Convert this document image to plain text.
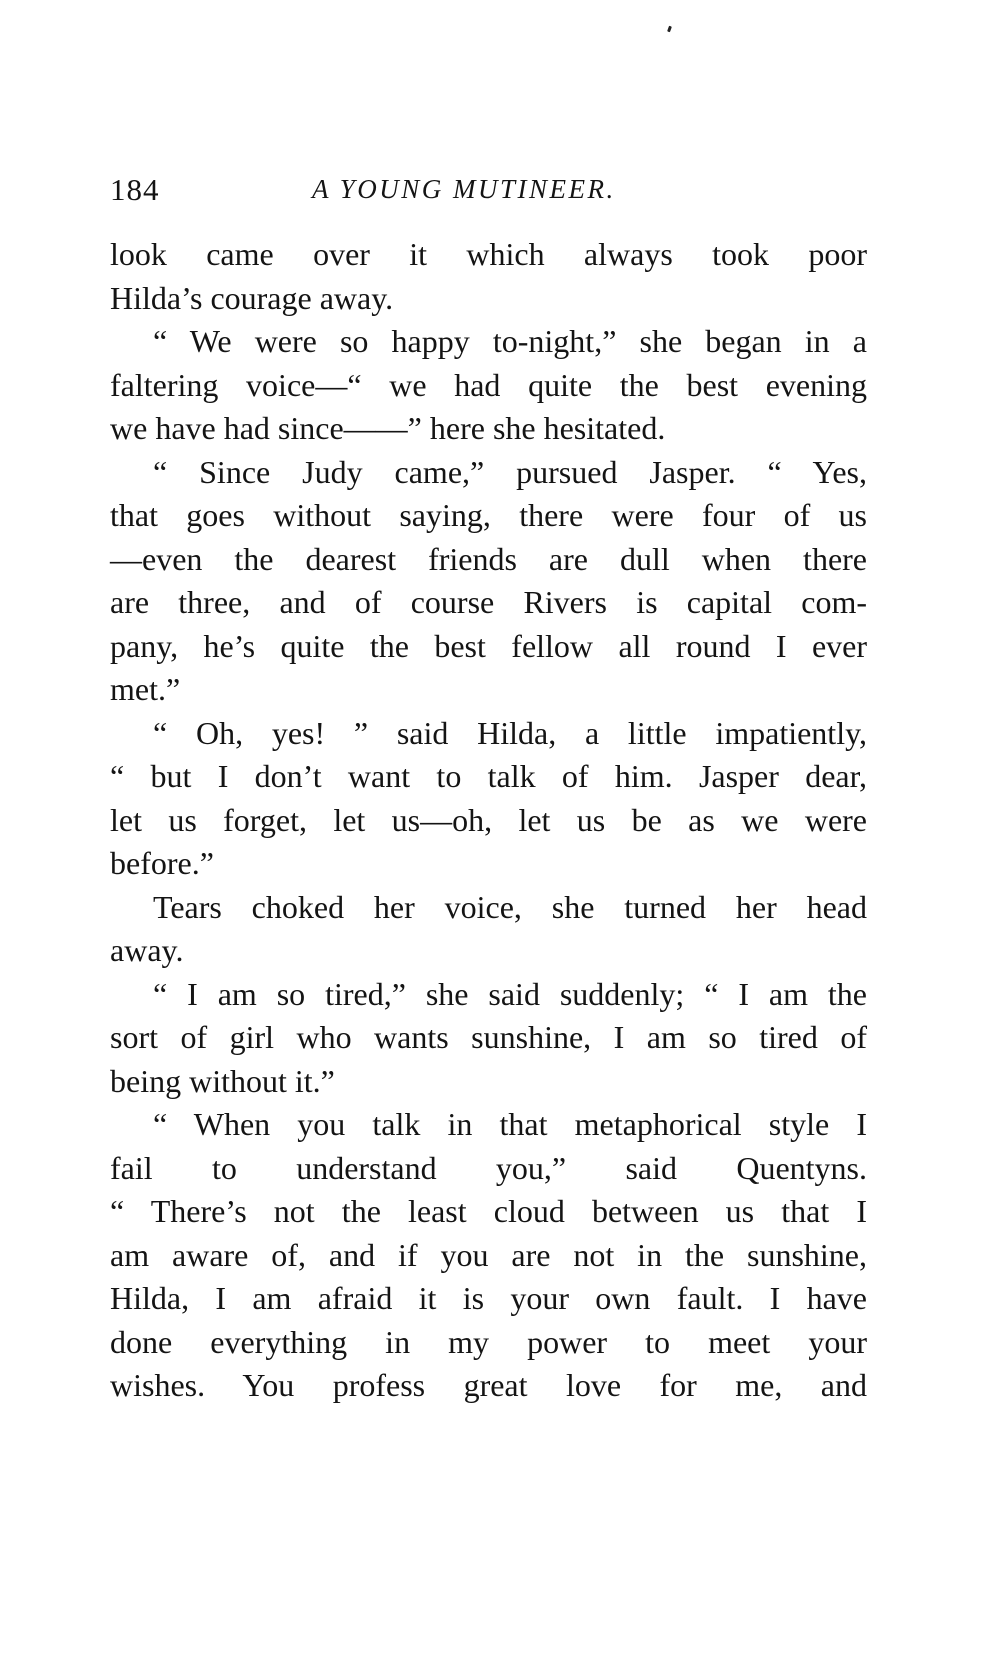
184	A YOUNG MUTINEER.
look came over it which always took poor
Hilda’s courage away.
“ We were so happy to-night,” she began in a
faltering voice—“ we had quite the best evening
we have had since——” here she hesitated.
“ Since Judy came,” pursued Jasper. “ Yes,
that goes without saying, there were four of us
—even the dearest friends are dull when there
are three, and of course Rivers is capital com-
pany, he’s quite the best fellow all round I ever
met.”
“ Oh, yes! ” said Hilda, a little impatiently,
“ but I don’t want to talk of him. Jasper dear,
let us forget, let us—oh, let us be as we were
before.”
Tears choked her voice, she turned her head
away.
“ I am so tired,” she said suddenly; “ I am the
sort of girl who wants sunshine, I am so tired of
being without it.”
“ When you talk in that metaphorical style I
fail to understand you,” said Quentyns.
“ There’s not the least cloud between us that I
am aware of, and if you are not in the sunshine,
Hilda, I am afraid it is your own fault. I have
done everything in my power to meet your
wishes. You profess great love for me, and
